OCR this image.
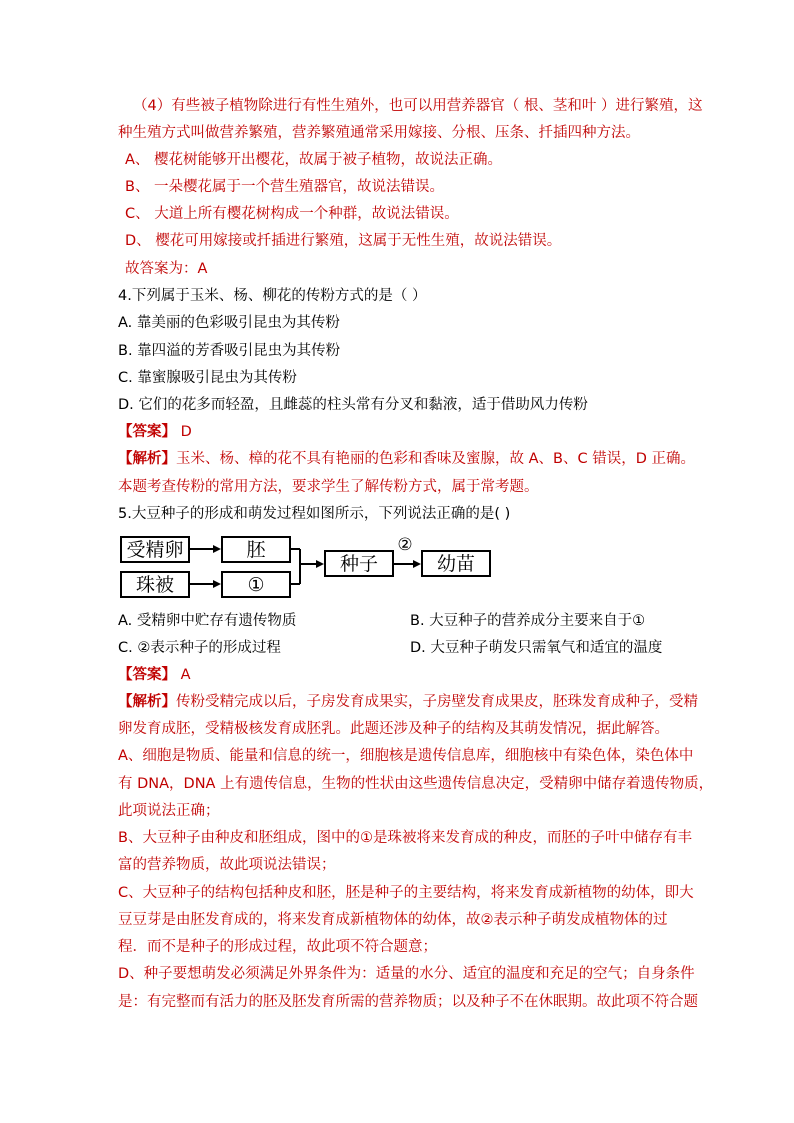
（4）有些被子植物除进行有性生殖外，也可以用营养器官（ 根、茎和叶 ）进行繁殖，这
种生殖方式叫做营养繁殖，营养繁殖通常采用嫁接、分根、压条、扦插四种方法。
A、 樱花树能够开出樱花，故属于被子植物，故说法正确。
B、 一朵樱花属于一个营生殖器官，故说法错误。
C、 大道上所有樱花树构成一个种群，故说法错误。
D、 樱花可用嫁接或扦插进行繁殖，这属于无性生殖，故说法错误。
故答案为：A
4.下列属于玉米、杨、柳花的传粉方式的是（ ）
A. 靠美丽的色彩吸引昆虫为其传粉
B. 靠四溢的芳香吸引昆虫为其传粉
C. 靠蜜腺吸引昆虫为其传粉
D. 它们的花多而轻盈，且雌蕊的柱头常有分叉和黏液，适于借助风力传粉
【答案】 D
【解析】玉米、杨、樟的花不具有艳丽的色彩和香味及蜜腺，故 A、B、C 错误，D 正确。
本题考查传粉的常用方法，要求学生了解传粉方式，属于常考题。
5.大豆种子的形成和萌发过程如图所示，下列说法正确的是( )
受精卵
珠被
胚
①
种子
②
幼苗
A. 受精卵中贮存有遗传物质	B. 大豆种子的营养成分主要来自于①
C. ②表示种子的形成过程	D. 大豆种子萌发只需氧气和适宜的温度
【答案】 A
【解析】传粉受精完成以后，子房发育成果实，子房壁发育成果皮，胚珠发育成种子，受精
卵发育成胚，受精极核发育成胚乳。此题还涉及种子的结构及其萌发情况，据此解答。
A、细胞是物质、能量和信息的统一，细胞核是遗传信息库，细胞核中有染色体，染色体中
有 DNA，DNA 上有遗传信息，生物的性状由这些遗传信息决定，受精卵中储存着遗传物质，
此项说法正确；
B、大豆种子由种皮和胚组成，图中的①是珠被将来发育成的种皮，而胚的子叶中储存有丰
富的营养物质，故此项说法错误；
C、大豆种子的结构包括种皮和胚，胚是种子的主要结构，将来发育成新植物的幼体，即大
豆豆芽是由胚发育成的，将来发育成新植物体的幼体，故②表示种子萌发成植物体的过
程．而不是种子的形成过程，故此项不符合题意；
D、种子要想萌发必须满足外界条件为：适量的水分、适宜的温度和充足的空气；自身条件
是：有完整而有活力的胚及胚发育所需的营养物质；以及种子不在休眠期。故此项不符合题
